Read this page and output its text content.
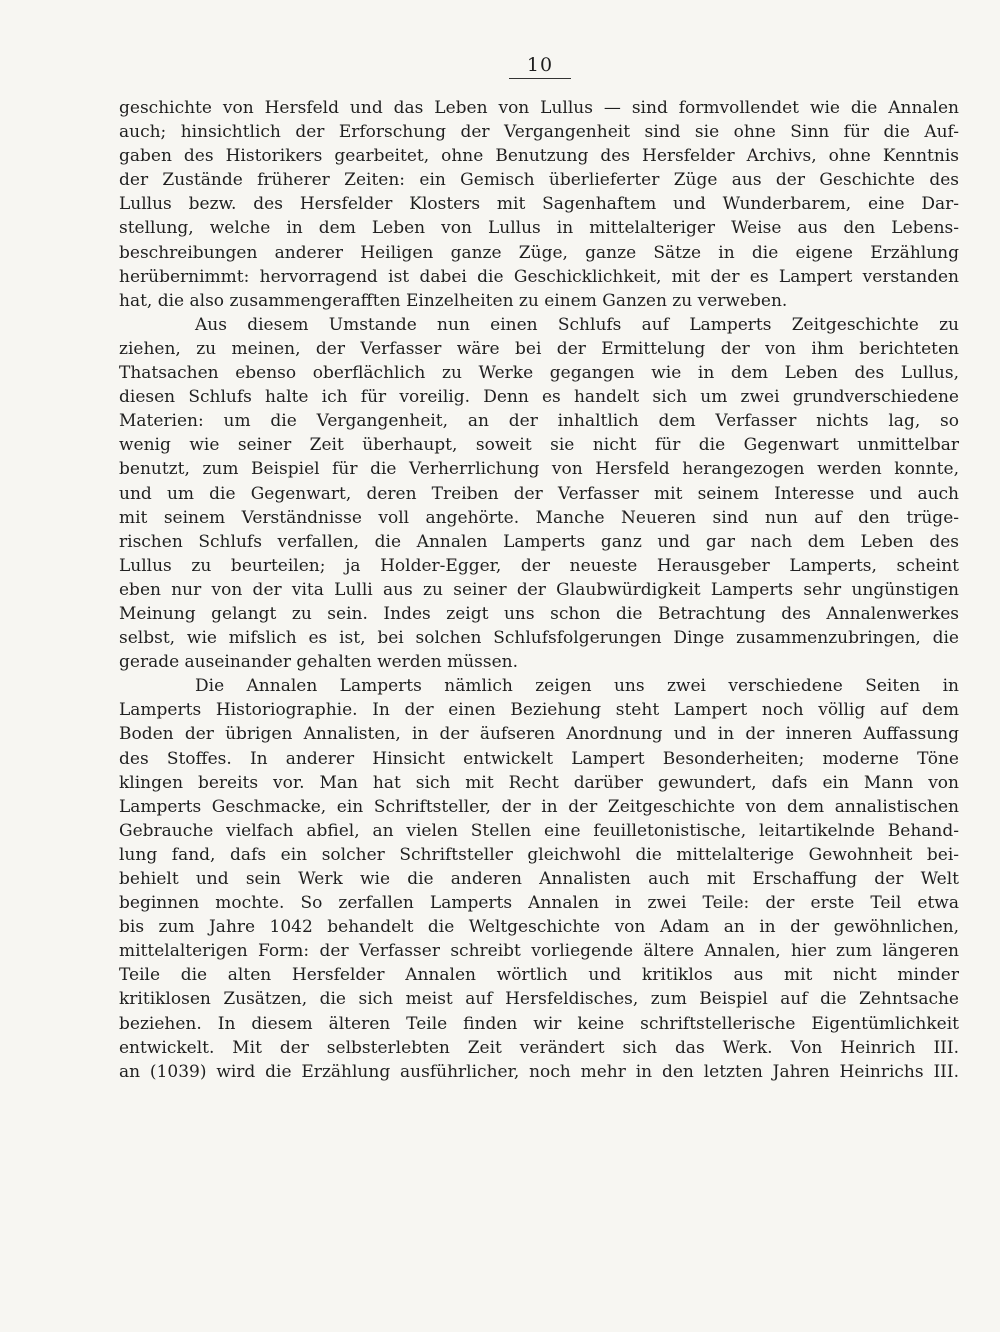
10
geschichte von Hersfeld und das Leben von Lullus — sind formvollendet wie die Annalen
auch; hinsichtlich der Erforschung der Vergangenheit sind sie ohne Sinn für die Auf-
gaben des Historikers gearbeitet, ohne Benutzung des Hersfelder Archivs, ohne Kenntnis
der Zustände früherer Zeiten: ein Gemisch überlieferter Züge aus der Geschichte des
Lullus bezw. des Hersfelder Klosters mit Sagenhaftem und Wunderbarem, eine Dar-
stellung, welche in dem Leben von Lullus in mittelalteriger Weise aus den Lebens-
beschreibungen anderer Heiligen ganze Züge, ganze Sätze in die eigene Erzählung
herübernimmt: hervorragend ist dabei die Geschicklichkeit, mit der es Lampert verstanden
hat, die also zusammengerafften Einzelheiten zu einem Ganzen zu verweben.
Aus diesem Umstande nun einen Schlufs auf Lamperts Zeitgeschichte zu
ziehen, zu meinen, der Verfasser wäre bei der Ermittelung der von ihm berichteten
Thatsachen ebenso oberflächlich zu Werke gegangen wie in dem Leben des Lullus,
diesen Schlufs halte ich für voreilig. Denn es handelt sich um zwei grundverschiedene
Materien: um die Vergangenheit, an der inhaltlich dem Verfasser nichts lag, so
wenig wie seiner Zeit überhaupt, soweit sie nicht für die Gegenwart unmittelbar
benutzt, zum Beispiel für die Verherrlichung von Hersfeld herangezogen werden konnte,
und um die Gegenwart, deren Treiben der Verfasser mit seinem Interesse und auch
mit seinem Verständnisse voll angehörte. Manche Neueren sind nun auf den trüge-
rischen Schlufs verfallen, die Annalen Lamperts ganz und gar nach dem Leben des
Lullus zu beurteilen; ja Holder-Egger, der neueste Herausgeber Lamperts, scheint
eben nur von der vita Lulli aus zu seiner der Glaubwürdigkeit Lamperts sehr ungünstigen
Meinung gelangt zu sein. Indes zeigt uns schon die Betrachtung des Annalenwerkes
selbst, wie mifslich es ist, bei solchen Schlufsfolgerungen Dinge zusammenzubringen, die
gerade auseinander gehalten werden müssen.
Die Annalen Lamperts nämlich zeigen uns zwei verschiedene Seiten in
Lamperts Historiographie. In der einen Beziehung steht Lampert noch völlig auf dem
Boden der übrigen Annalisten, in der äufseren Anordnung und in der inneren Auffassung
des Stoffes. In anderer Hinsicht entwickelt Lampert Besonderheiten; moderne Töne
klingen bereits vor. Man hat sich mit Recht darüber gewundert, dafs ein Mann von
Lamperts Geschmacke, ein Schriftsteller, der in der Zeitgeschichte von dem annalistischen
Gebrauche vielfach abfiel, an vielen Stellen eine feuilletonistische, leitartikelnde Behand-
lung fand, dafs ein solcher Schriftsteller gleichwohl die mittelalterige Gewohnheit bei-
behielt und sein Werk wie die anderen Annalisten auch mit Erschaffung der Welt
beginnen mochte. So zerfallen Lamperts Annalen in zwei Teile: der erste Teil etwa
bis zum Jahre 1042 behandelt die Weltgeschichte von Adam an in der gewöhnlichen,
mittelalterigen Form: der Verfasser schreibt vorliegende ältere Annalen, hier zum längeren
Teile die alten Hersfelder Annalen wörtlich und kritiklos aus mit nicht minder
kritiklosen Zusätzen, die sich meist auf Hersfeldisches, zum Beispiel auf die Zehntsache
beziehen. In diesem älteren Teile finden wir keine schriftstellerische Eigentümlichkeit
entwickelt. Mit der selbsterlebten Zeit verändert sich das Werk. Von Heinrich III.
an (1039) wird die Erzählung ausführlicher, noch mehr in den letzten Jahren Heinrichs III.
